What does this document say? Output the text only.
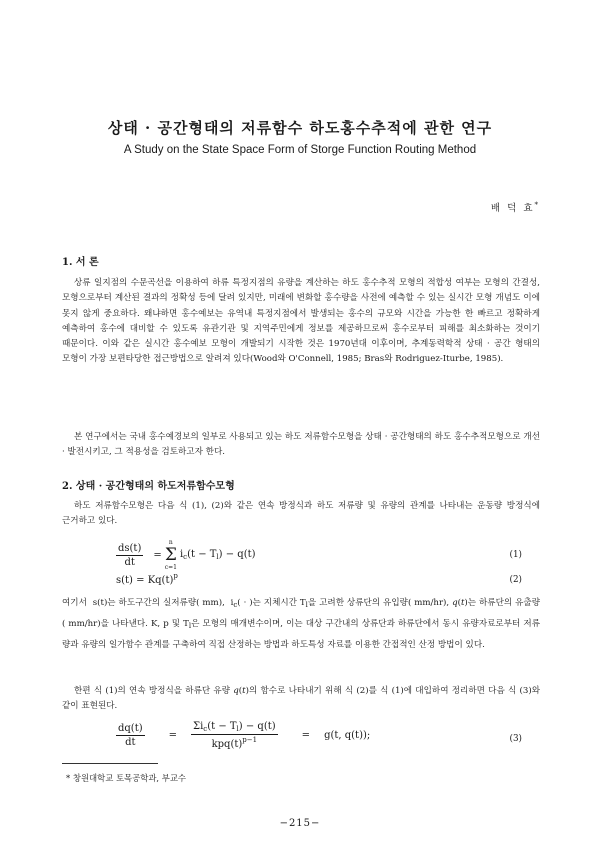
상태 · 공간형태의 저류함수 하도홍수추적에 관한 연구
A Study on the State Space Form of Storge Function Routing Method
배 덕 효*
1. 서 론

상류 일지점의 수문곡선을 이용하여 하류 특정지점의 유량을 계산하는 하도 홍수추적 모형의 적합성 여부는 모형의 간결성, 모형으로부터 계산된 결과의 정확성 등에 달려 있지만, 미래에 변화할 홍수량을 사전에 예측할 수 있는 실시간 모형 개념도 이에 못지 않게 중요하다. 왜냐하면 홍수예보는 유역내 특정지점에서 발생되는 홍수의 규모와 시간을 가능한 한 빠르고 정확하게 예측하여 홍수에 대비할 수 있도록 유관기관 및 지역주민에게 정보를 제공하므로써 홍수로부터 피해를 최소화하는 것이기 때문이다. 이와 같은 실시간 홍수예보 모형이 개발되기 시작한 것은 1970년대 이후이며, 추계동력학적 상태 · 공간 형태의 모형이 가장 보편타당한 접근방법으로 알려져 있다(Wood와 O'Connell, 1985; Bras와 Rodriguez-Iturbe, 1985).

본 연구에서는 국내 홍수예경보의 일부로 사용되고 있는 하도 저류함수모형을 상태 · 공간형태의 하도 홍수추적모형으로 개선 · 발전시키고, 그 적용성을 검토하고자 한다.

2. 상태 · 공간형태의 하도저류함수모형

하도 저류함수모형은 다음 식 (1), (2)와 같은 연속 방정식과 하도 저류량 및 유량의 관계를 나타내는 운동량 방정식에 근거하고 있다.

$\frac{ds(t)}{dt}$ =
n
Σ
c=1
$i_c(t - T_l) - q(t)$	(1)
$s(t) = Kq(t)^p$	(2)

여기서  s(t)는 하도구간의 실저류량( mm),  $i_c$( · )는 지체시간 $T_l$을 고려한 상류단의 유입량( mm/hr), q(t)는 하류단의 유출량( mm/hr)을 나타낸다. K, p 및 $T_l$은 모형의 매개변수이며, 이는 대상 구간내의 상류단과 하류단에서 동시 유량자료로부터 저류량과 유량의 일가함수 관계를 구축하여 직접 산정하는 방법과 하도특성 자료를 이용한 간접적인 산정 방법이 있다.

한편 식 (1)의 연속 방정식을 하류단 유량 q(t)의 함수로 나타내기 위해 식 (2)를 식 (1)에 대입하여 정리하면 다음 식 (3)와 같이 표현된다.

$\frac{dq(t)}{dt} = \frac{\Sigma i_c(t - T_l) - q(t)}{kpq(t)^{p-1}} = g(t$, q(t));	(3)
* 창원대학교 토목공학과, 부교수
−215−
